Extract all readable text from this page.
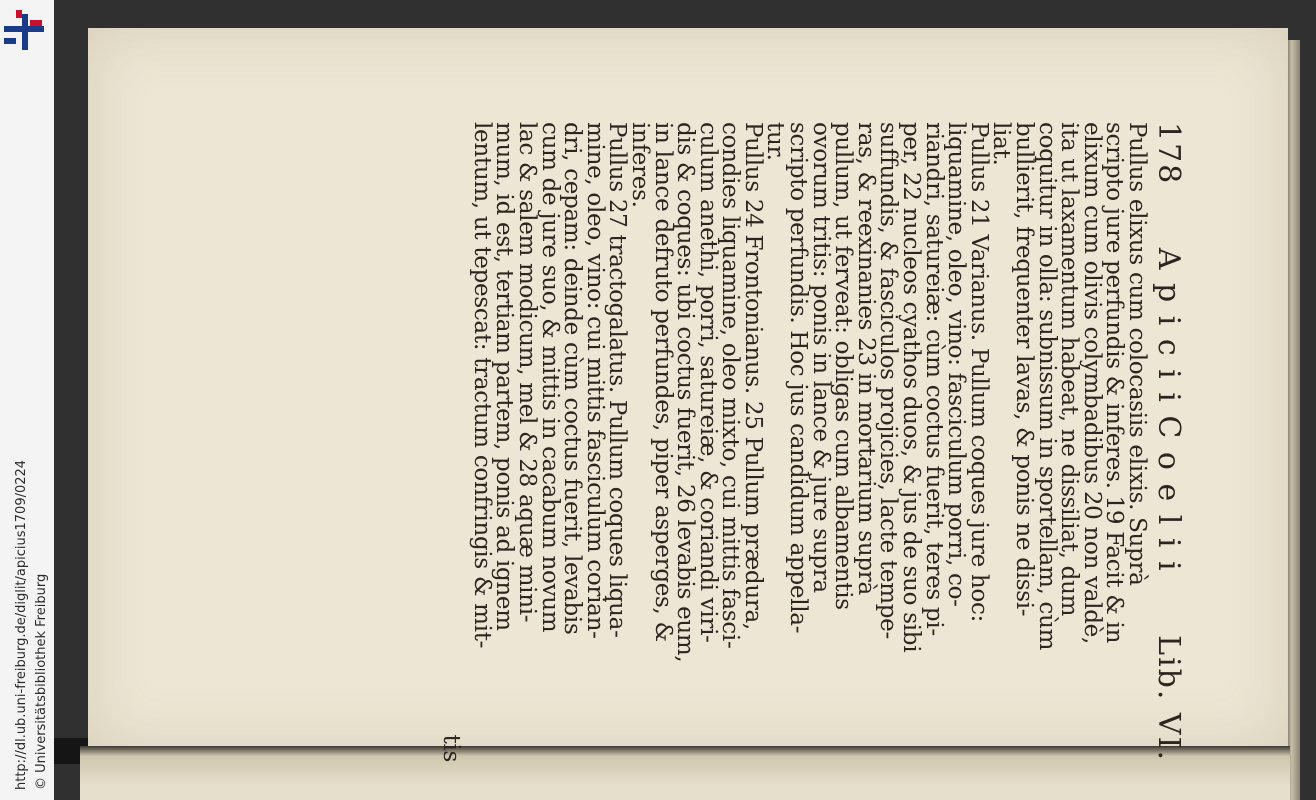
http://dl.ub.uni-freiburg.de/diglit/apicius1709/0224 © Universitätsbibliothek Freiburg
178
A p i c i i C o e l i i
Lib. VI.
Pullus elixus cum colocasiis elixis. Suprà
scripto jure perfundis & inferes. 19 Facit & in
elixum cum olivis colymbadibus 20 non valdè,
ita ut laxamentum habeat, ne dissiliat, dum
coquitur in olla: subnissum in sportellam, cùm
bullierit, frequenter lavas, & ponis ne dissi-
liat.
Pullus 21 Varianus. Pullum coques jure hoc:
liquamine, oleo, vino: fasciculum porri, co-
riandri, satureiæ: cùm coctus fuerit, teres pi-
per, 22 nucleos cyathos duos, & jus de suo sibi
suffundis, & fasciculos projicies, lacte tempe-
ras, & reexinanies 23 in mortarium suprà
pullum, ut ferveat: obligas cum albamentis
ovorum tritis: ponis in lance & jure supra
scripto perfundis. Hoc jus candidum appella-
tur.
Pullus 24 Frontonianus. 25 Pullum prædura,
condies liquamine, oleo mixto, cui mittis fasci-
culum anethi, porri, satureiæ, & coriandi viri-
dis & coques: ubi coctus fuerit, 26 levabis eum,
in lance defruto perfundes, piper asperges, &
inferes.
Pullus 27 tractogalatus. Pullum coques liqua-
mine, oleo, vino: cui mittis fasciculum corian-
dri, cepam: deinde cùm coctus fuerit, levabis
cum de jure suo, & mittis in cacabum novum
lac & salem modicum, mel & 28 aquæ mini-
mum, id est, tertiam partem, ponis ad ignem
lentum, ut tepescat: tractum confringis & mit-
tis
